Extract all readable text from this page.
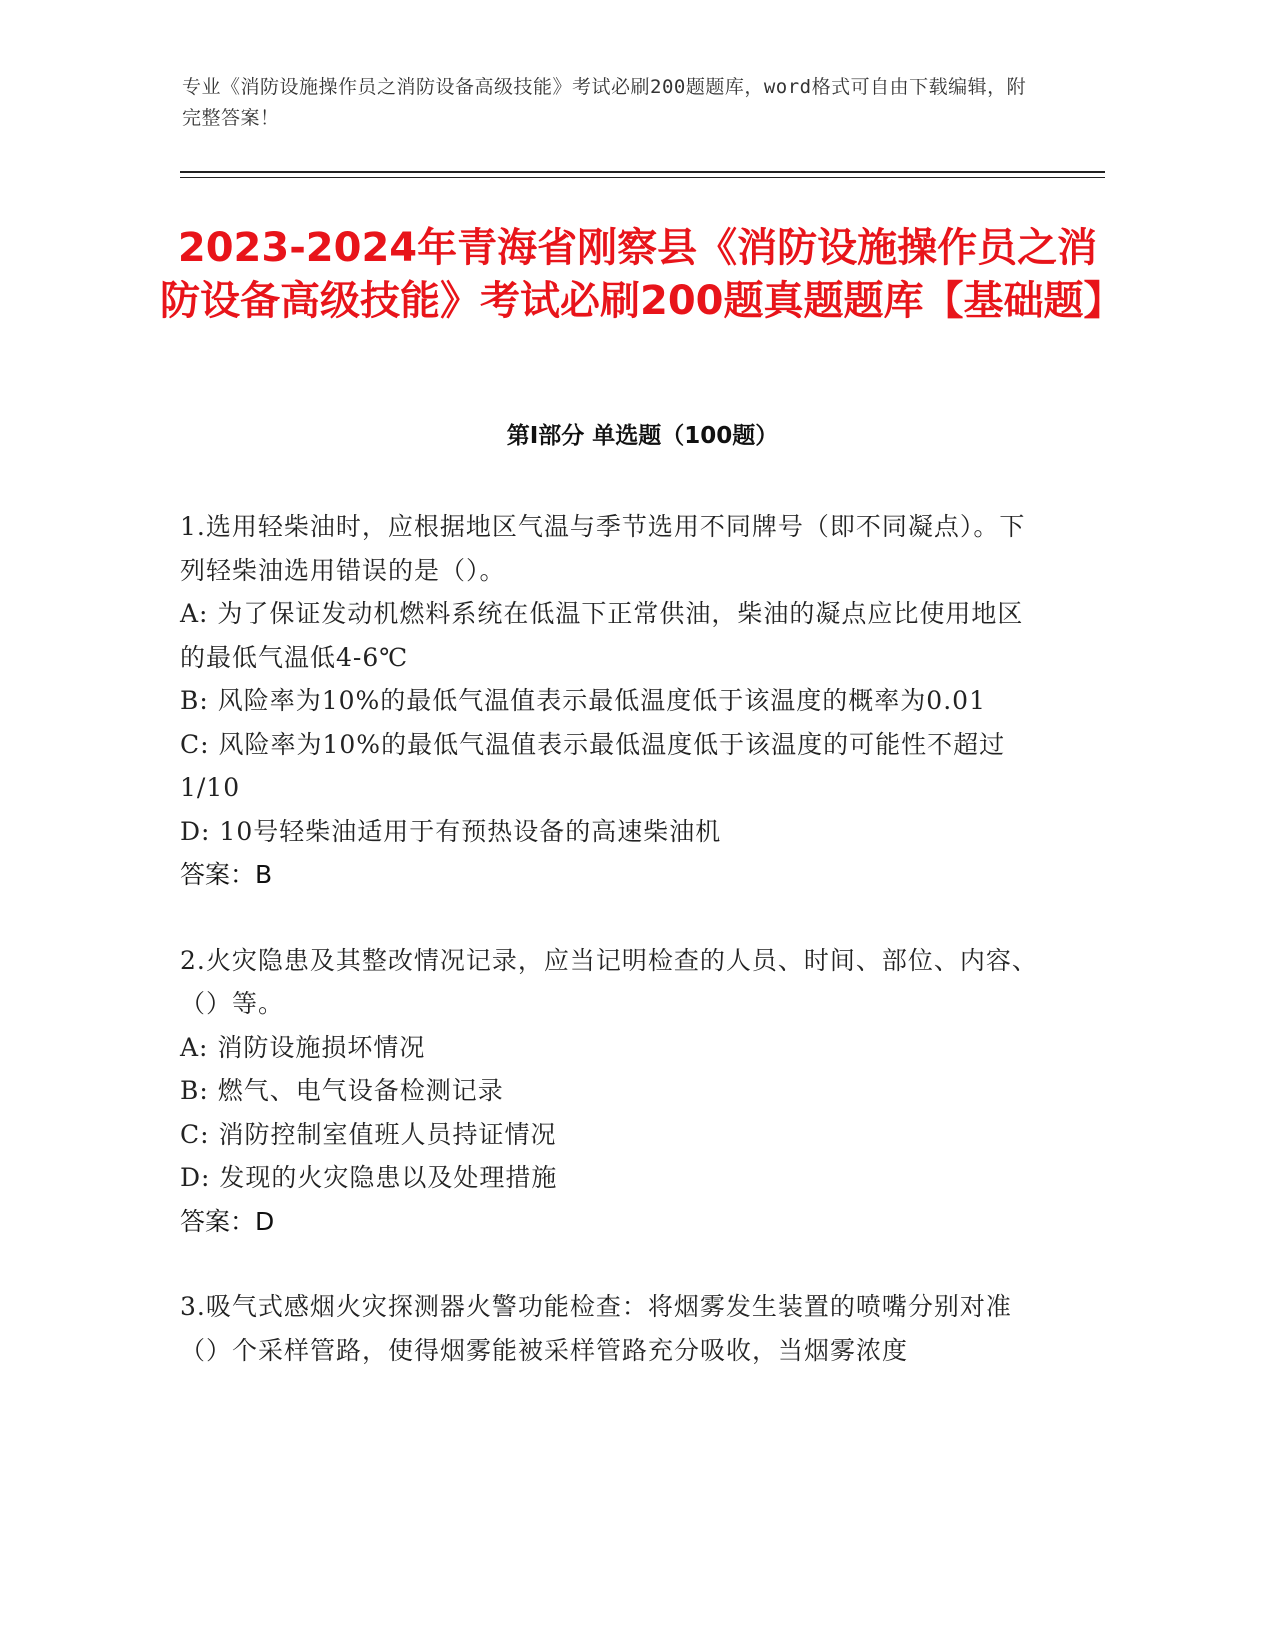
专业《消防设施操作员之消防设备高级技能》考试必刷200题题库，word格式可自由下载编辑，附完整答案！
2023-2024年青海省刚察县《消防设施操作员之消防设备高级技能》考试必刷200题真题题库【基础题】
第I部分 单选题（100题）

1.选用轻柴油时，应根据地区气温与季节选用不同牌号（即不同凝点）。下列轻柴油选用错误的是（）。

A: 为了保证发动机燃料系统在低温下正常供油，柴油的凝点应比使用地区的最低气温低4-6℃

B: 风险率为10%的最低气温值表示最低温度低于该温度的概率为0.01

C: 风险率为10%的最低气温值表示最低温度低于该温度的可能性不超过1/10

D: 10号轻柴油适用于有预热设备的高速柴油机

答案：B

2.火灾隐患及其整改情况记录，应当记明检查的人员、时间、部位、内容、（）等。

A: 消防设施损坏情况

B: 燃气、电气设备检测记录

C: 消防控制室值班人员持证情况

D: 发现的火灾隐患以及处理措施

答案：D

3.吸气式感烟火灾探测器火警功能检查：将烟雾发生装置的喷嘴分别对准（）个采样管路，使得烟雾能被采样管路充分吸收，当烟雾浓度
